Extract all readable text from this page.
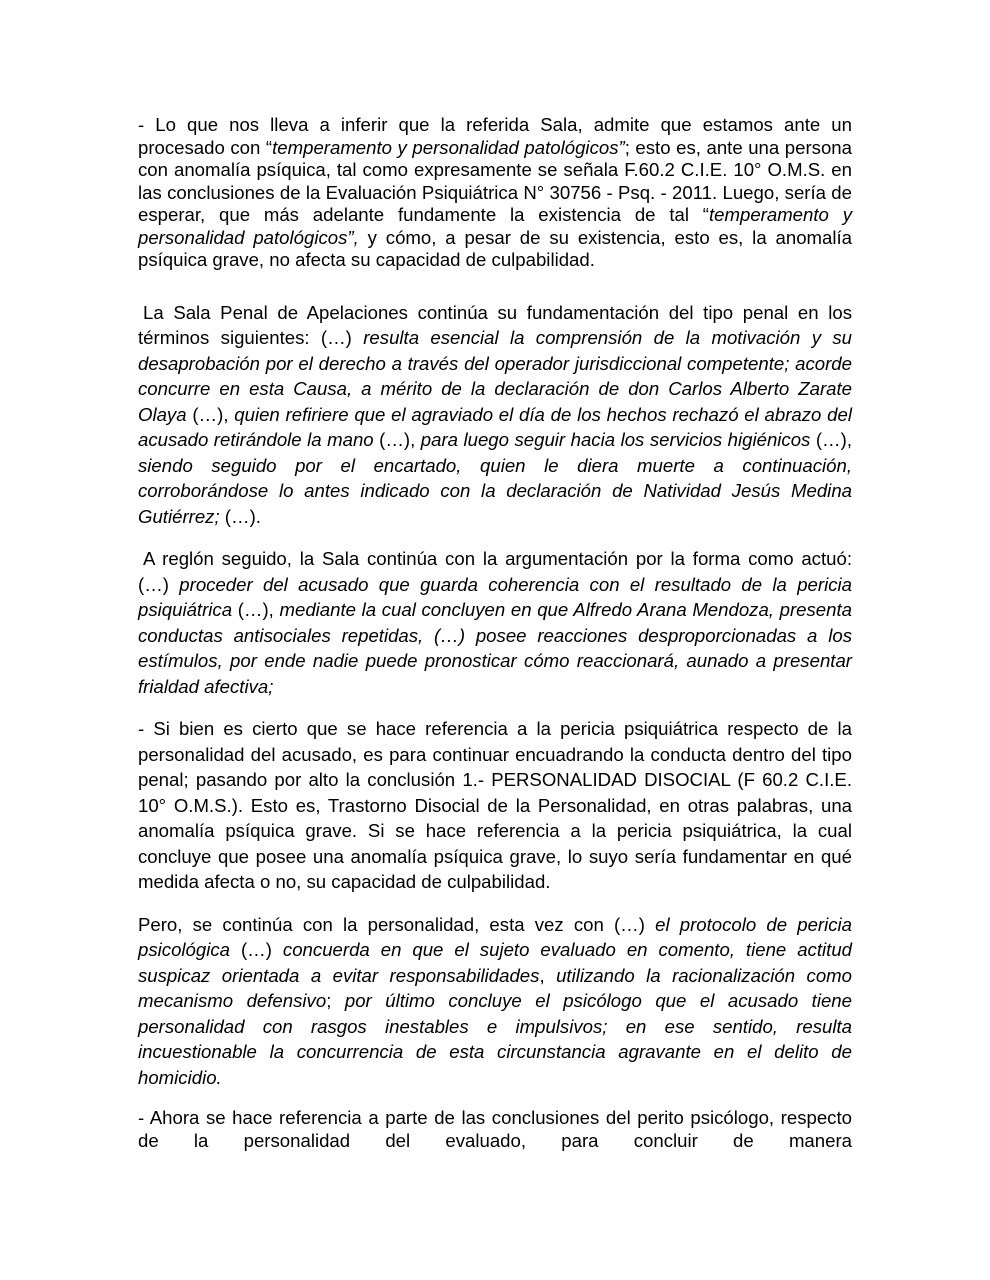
- Lo que nos lleva a inferir que la referida Sala, admite que estamos ante un procesado con “temperamento y personalidad patológicos”; esto es, ante una persona con anomalía psíquica, tal como expresamente se señala F.60.2 C.I.E. 10° O.M.S. en las conclusiones de la Evaluación Psiquiátrica N° 30756 - Psq. - 2011. Luego, sería de esperar, que más adelante fundamente la existencia de tal “temperamento y personalidad patológicos”, y cómo, a pesar de su existencia, esto es, la anomalía psíquica grave, no afecta su capacidad de culpabilidad.

La Sala Penal de Apelaciones continúa su fundamentación del tipo penal en los términos siguientes: (…) resulta esencial la comprensión de la motivación y su desaprobación por el derecho a través del operador jurisdiccional competente; acorde concurre en esta Causa, a mérito de la declaración de don Carlos Alberto Zarate Olaya (…), quien refiriere que el agraviado el día de los hechos rechazó el abrazo del acusado retirándole la mano (…), para luego seguir hacia los servicios higiénicos (…), siendo seguido por el encartado, quien le diera muerte a continuación, corroborándose lo antes indicado con la declaración de Natividad Jesús Medina Gutiérrez; (…).

A reglón seguido, la Sala continúa con la argumentación por la forma como actuó: (…) proceder del acusado que guarda coherencia con el resultado de la pericia psiquiátrica (…), mediante la cual concluyen en que Alfredo Arana Mendoza, presenta conductas antisociales repetidas, (…) posee reacciones desproporcionadas a los estímulos, por ende nadie puede pronosticar cómo reaccionará, aunado a presentar frialdad afectiva;

- Si bien es cierto que se hace referencia a la pericia psiquiátrica respecto de la personalidad del acusado, es para continuar encuadrando la conducta dentro del tipo penal; pasando por alto la conclusión 1.- PERSONALIDAD DISOCIAL (F 60.2 C.I.E. 10° O.M.S.). Esto es, Trastorno Disocial de la Personalidad, en otras palabras, una anomalía psíquica grave. Si se hace referencia a la pericia psiquiátrica, la cual concluye que posee una anomalía psíquica grave, lo suyo sería fundamentar en qué medida afecta o no, su capacidad de culpabilidad.

Pero, se continúa con la personalidad, esta vez con (…) el protocolo de pericia psicológica (…) concuerda en que el sujeto evaluado en comento, tiene actitud suspicaz orientada a evitar responsabilidades, utilizando la racionalización como mecanismo defensivo; por último concluye el psicólogo que el acusado tiene personalidad con rasgos inestables e impulsivos; en ese sentido, resulta incuestionable la concurrencia de esta circunstancia agravante en el delito de homicidio.

- Ahora se hace referencia a parte de las conclusiones del perito psicólogo, respecto de la personalidad del evaluado, para concluir de manera
